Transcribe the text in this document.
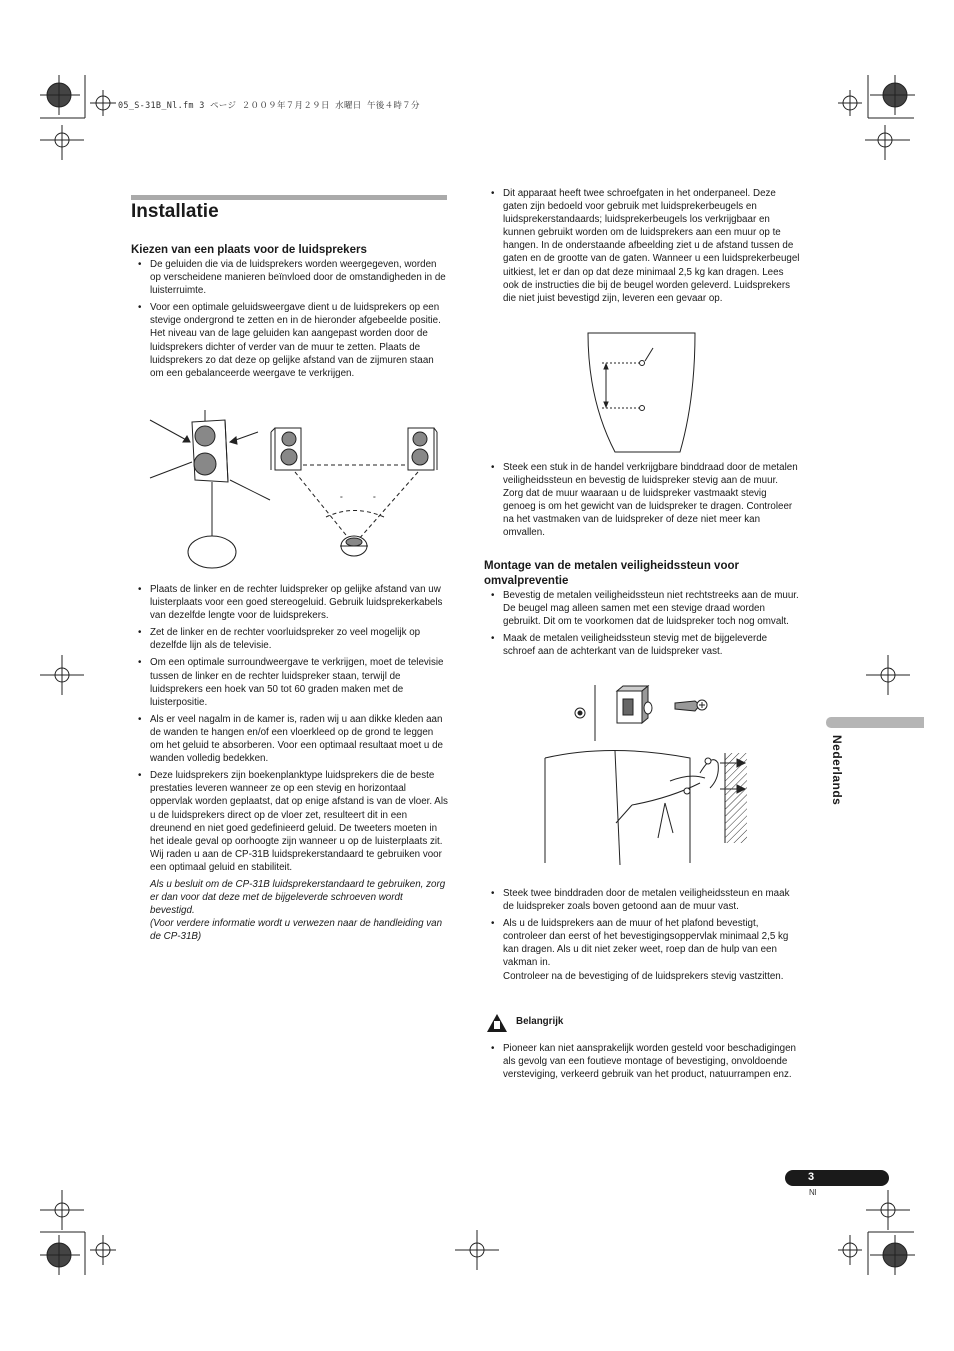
05_S-31B_Nl.fm 3 ページ ２００９年７月２９日 水曜日 午後４時７分
Installatie
Kiezen van een plaats voor de luidsprekers
• De geluiden die via de luidsprekers worden weergegeven, worden op verscheidene manieren beïnvloed door de omstandigheden in de luisterruimte.
• Voor een optimale geluidsweergave dient u de luidsprekers op een stevige ondergrond te zetten en in de hieronder afgebeelde positie. Het niveau van de lage geluiden kan aangepast worden door de luidsprekers dichter of verder van de muur te zetten. Plaats de luidsprekers zo dat deze op gelijke afstand van de zijmuren staan om een gebalanceerde weergave te verkrijgen.
°	°
• Plaats de linker en de rechter luidspreker op gelijke afstand van uw luisterplaats voor een goed stereogeluid. Gebruik luidsprekerkabels van dezelfde lengte voor de luidsprekers.
• Zet de linker en de rechter voorluidspreker zo veel mogelijk op dezelfde lijn als de televisie.
• Om een optimale surroundweergave te verkrijgen, moet de televisie tussen de linker en de rechter luidspreker staan, terwijl de luidsprekers een hoek van 50 tot 60 graden maken met de luisterpositie.
• Als er veel nagalm in de kamer is, raden wij u aan dikke kleden aan de wanden te hangen en/of een vloerkleed op de grond te leggen om het geluid te absorberen. Voor een optimaal resultaat moet u de wanden volledig bedekken.
• Deze luidsprekers zijn boekenplanktype luidsprekers die de beste prestaties leveren wanneer ze op een stevig en horizontaal oppervlak worden geplaatst, dat op enige afstand is van de vloer. Als u de luidsprekers direct op de vloer zet, resulteert dit in een dreunend en niet goed gedefinieerd geluid. De tweeters moeten in het ideale geval op oorhoogte zijn wanneer u op de luisterplaats zit. Wij raden u aan de CP-31B luidsprekerstandaard te gebruiken voor een optimaal geluid en stabiliteit.
Als u besluit om de CP-31B luidsprekerstandaard te gebruiken, zorg er dan voor dat deze met de bijgeleverde schroeven wordt bevestigd.
(Voor verdere informatie wordt u verwezen naar de handleiding van de CP-31B)
• Dit apparaat heeft twee schroefgaten in het onderpaneel. Deze gaten zijn bedoeld voor gebruik met luidsprekerbeugels en luidsprekerstandaards; luidsprekerbeugels los verkrijgbaar en kunnen gebruikt worden om de luidsprekers aan een muur op te hangen. In de onderstaande afbeelding ziet u de afstand tussen de gaten en de grootte van de gaten. Wanneer u een luidsprekerbeugel uitkiest, let er dan op dat deze minimaal 2,5 kg kan dragen. Lees ook de instructies die bij de beugel worden geleverd. Luidsprekers die niet juist bevestigd zijn, leveren een gevaar op.
• Steek een stuk in de handel verkrijgbare binddraad door de metalen veiligheidssteun en bevestig de luidspreker stevig aan de muur. Zorg dat de muur waaraan u de luidspreker vastmaakt stevig genoeg is om het gewicht van de luidspreker te dragen. Controleer na het vastmaken van de luidspreker of deze niet meer kan omvallen.
Montage van de metalen veiligheidssteun voor omvalpreventie
• Bevestig de metalen veiligheidssteun niet rechtstreeks aan de muur. De beugel mag alleen samen met een stevige draad worden gebruikt. Dit om te voorkomen dat de luidspreker toch nog omvalt.
• Maak de metalen veiligheidssteun stevig met de bijgeleverde schroef aan de achterkant van de luidspreker vast.
• Steek twee binddraden door de metalen veiligheidssteun en maak de luidspreker zoals boven getoond aan de muur vast.
• Als u de luidsprekers aan de muur of het plafond bevestigt, controleer dan eerst of het bevestigingsoppervlak minimaal 2,5 kg kan dragen. Als u dit niet zeker weet, roep dan de hulp van een vakman in.
Controleer na de bevestiging of de luidsprekers stevig vastzitten.
Belangrijk
• Pioneer kan niet aansprakelijk worden gesteld voor beschadigingen als gevolg van een foutieve montage of bevestiging, onvoldoende versteviging, verkeerd gebruik van het product, natuurrampen enz.
Nederlands
3
Nl
